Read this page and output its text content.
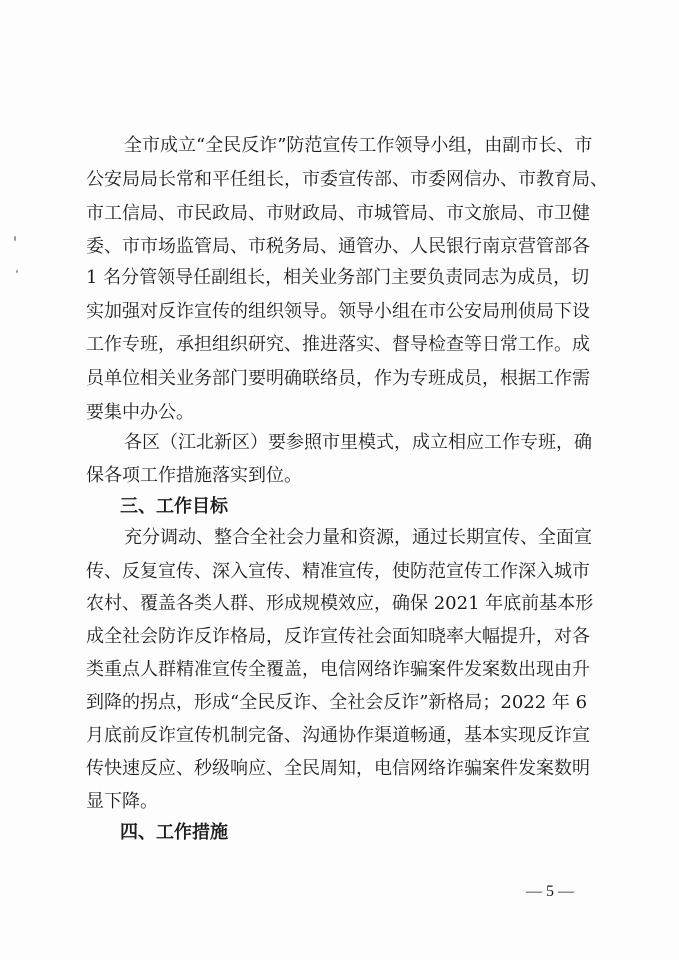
全市成立“全民反诈”防范宣传工作领导小组，由副市长、市
公安局局长常和平任组长，市委宣传部、市委网信办、市教育局、
市工信局、市民政局、市财政局、市城管局、市文旅局、市卫健
委、市市场监管局、市税务局、通管办、人民银行南京营管部各
1 名分管领导任副组长，相关业务部门主要负责同志为成员，切
实加强对反诈宣传的组织领导。领导小组在市公安局刑侦局下设
工作专班，承担组织研究、推进落实、督导检查等日常工作。成
员单位相关业务部门要明确联络员，作为专班成员，根据工作需
要集中办公。
各区（江北新区）要参照市里模式，成立相应工作专班，确
保各项工作措施落实到位。
三、工作目标
充分调动、整合全社会力量和资源，通过长期宣传、全面宣
传、反复宣传、深入宣传、精准宣传，使防范宣传工作深入城市
农村、覆盖各类人群、形成规模效应，确保 2021 年底前基本形
成全社会防诈反诈格局，反诈宣传社会面知晓率大幅提升，对各
类重点人群精准宣传全覆盖，电信网络诈骗案件发案数出现由升
到降的拐点，形成“全民反诈、全社会反诈”新格局；2022 年 6
月底前反诈宣传机制完备、沟通协作渠道畅通，基本实现反诈宣
传快速反应、秒级响应、全民周知，电信网络诈骗案件发案数明
显下降。
四、工作措施
— 5 —
